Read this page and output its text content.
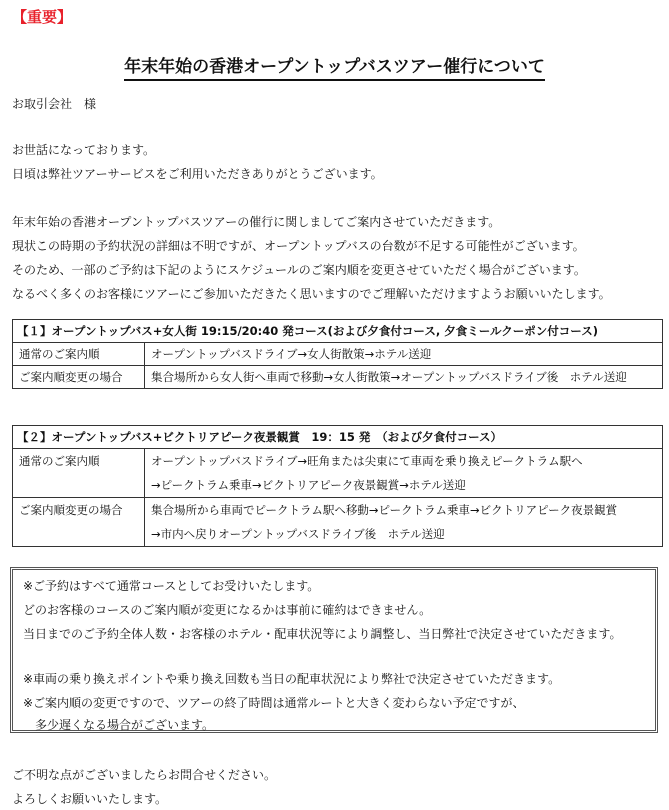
【重要】
年末年始の香港オープントップバスツアー催行について
お取引会社　様
お世話になっております。
日頃は弊社ツアーサービスをご利用いただきありがとうございます。
年末年始の香港オープントップバスツアーの催行に関しましてご案内させていただきます。
現状この時期の予約状況の詳細は不明ですが、オープントップバスの台数が不足する可能性がございます。
そのため、一部のご予約は下記のようにスケジュールのご案内順を変更させていただく場合がございます。
なるべく多くのお客様にツアーにご参加いただきたく思いますのでご理解いただけますようお願いいたします。
【１】オープントップバス+女人街 19:15/20:40 発コース(および夕食付コース, 夕食ミールクーポン付コース)	
通常のご案内順	オープントップバスドライブ→女人街散策→ホテル送迎
ご案内順変更の場合	集合場所から女人街へ車両で移動→女人街散策→オープントップバスドライブ後　ホテル送迎
【２】オープントップバス+ビクトリアピーク夜景観賞　19：15 発　（および夕食付コース）	
通常のご案内順	オープントップバスドライブ→旺角または尖東にて車両を乗り換えピークトラム駅へ
→ピークトラム乗車→ビクトリアピーク夜景観賞→ホテル送迎

ご案内順変更の場合	集合場所から車両でピークトラム駅へ移動→ピークトラム乗車→ビクトリアピーク夜景観賞
→市内へ戻りオープントップバスドライブ後　ホテル送迎
※ご予約はすべて通常コースとしてお受けいたします。
どのお客様のコースのご案内順が変更になるかは事前に確約はできません。
当日までのご予約全体人数・お客様のホテル・配車状況等により調整し、当日弊社で決定させていただきます。
※車両の乗り換えポイントや乗り換え回数も当日の配車状況により弊社で決定させていただきます。
※ご案内順の変更ですので、ツアーの終了時間は通常ルートと大きく変わらない予定ですが、
　多少遅くなる場合がございます。
ご不明な点がございましたらお問合せください。
よろしくお願いいたします。
